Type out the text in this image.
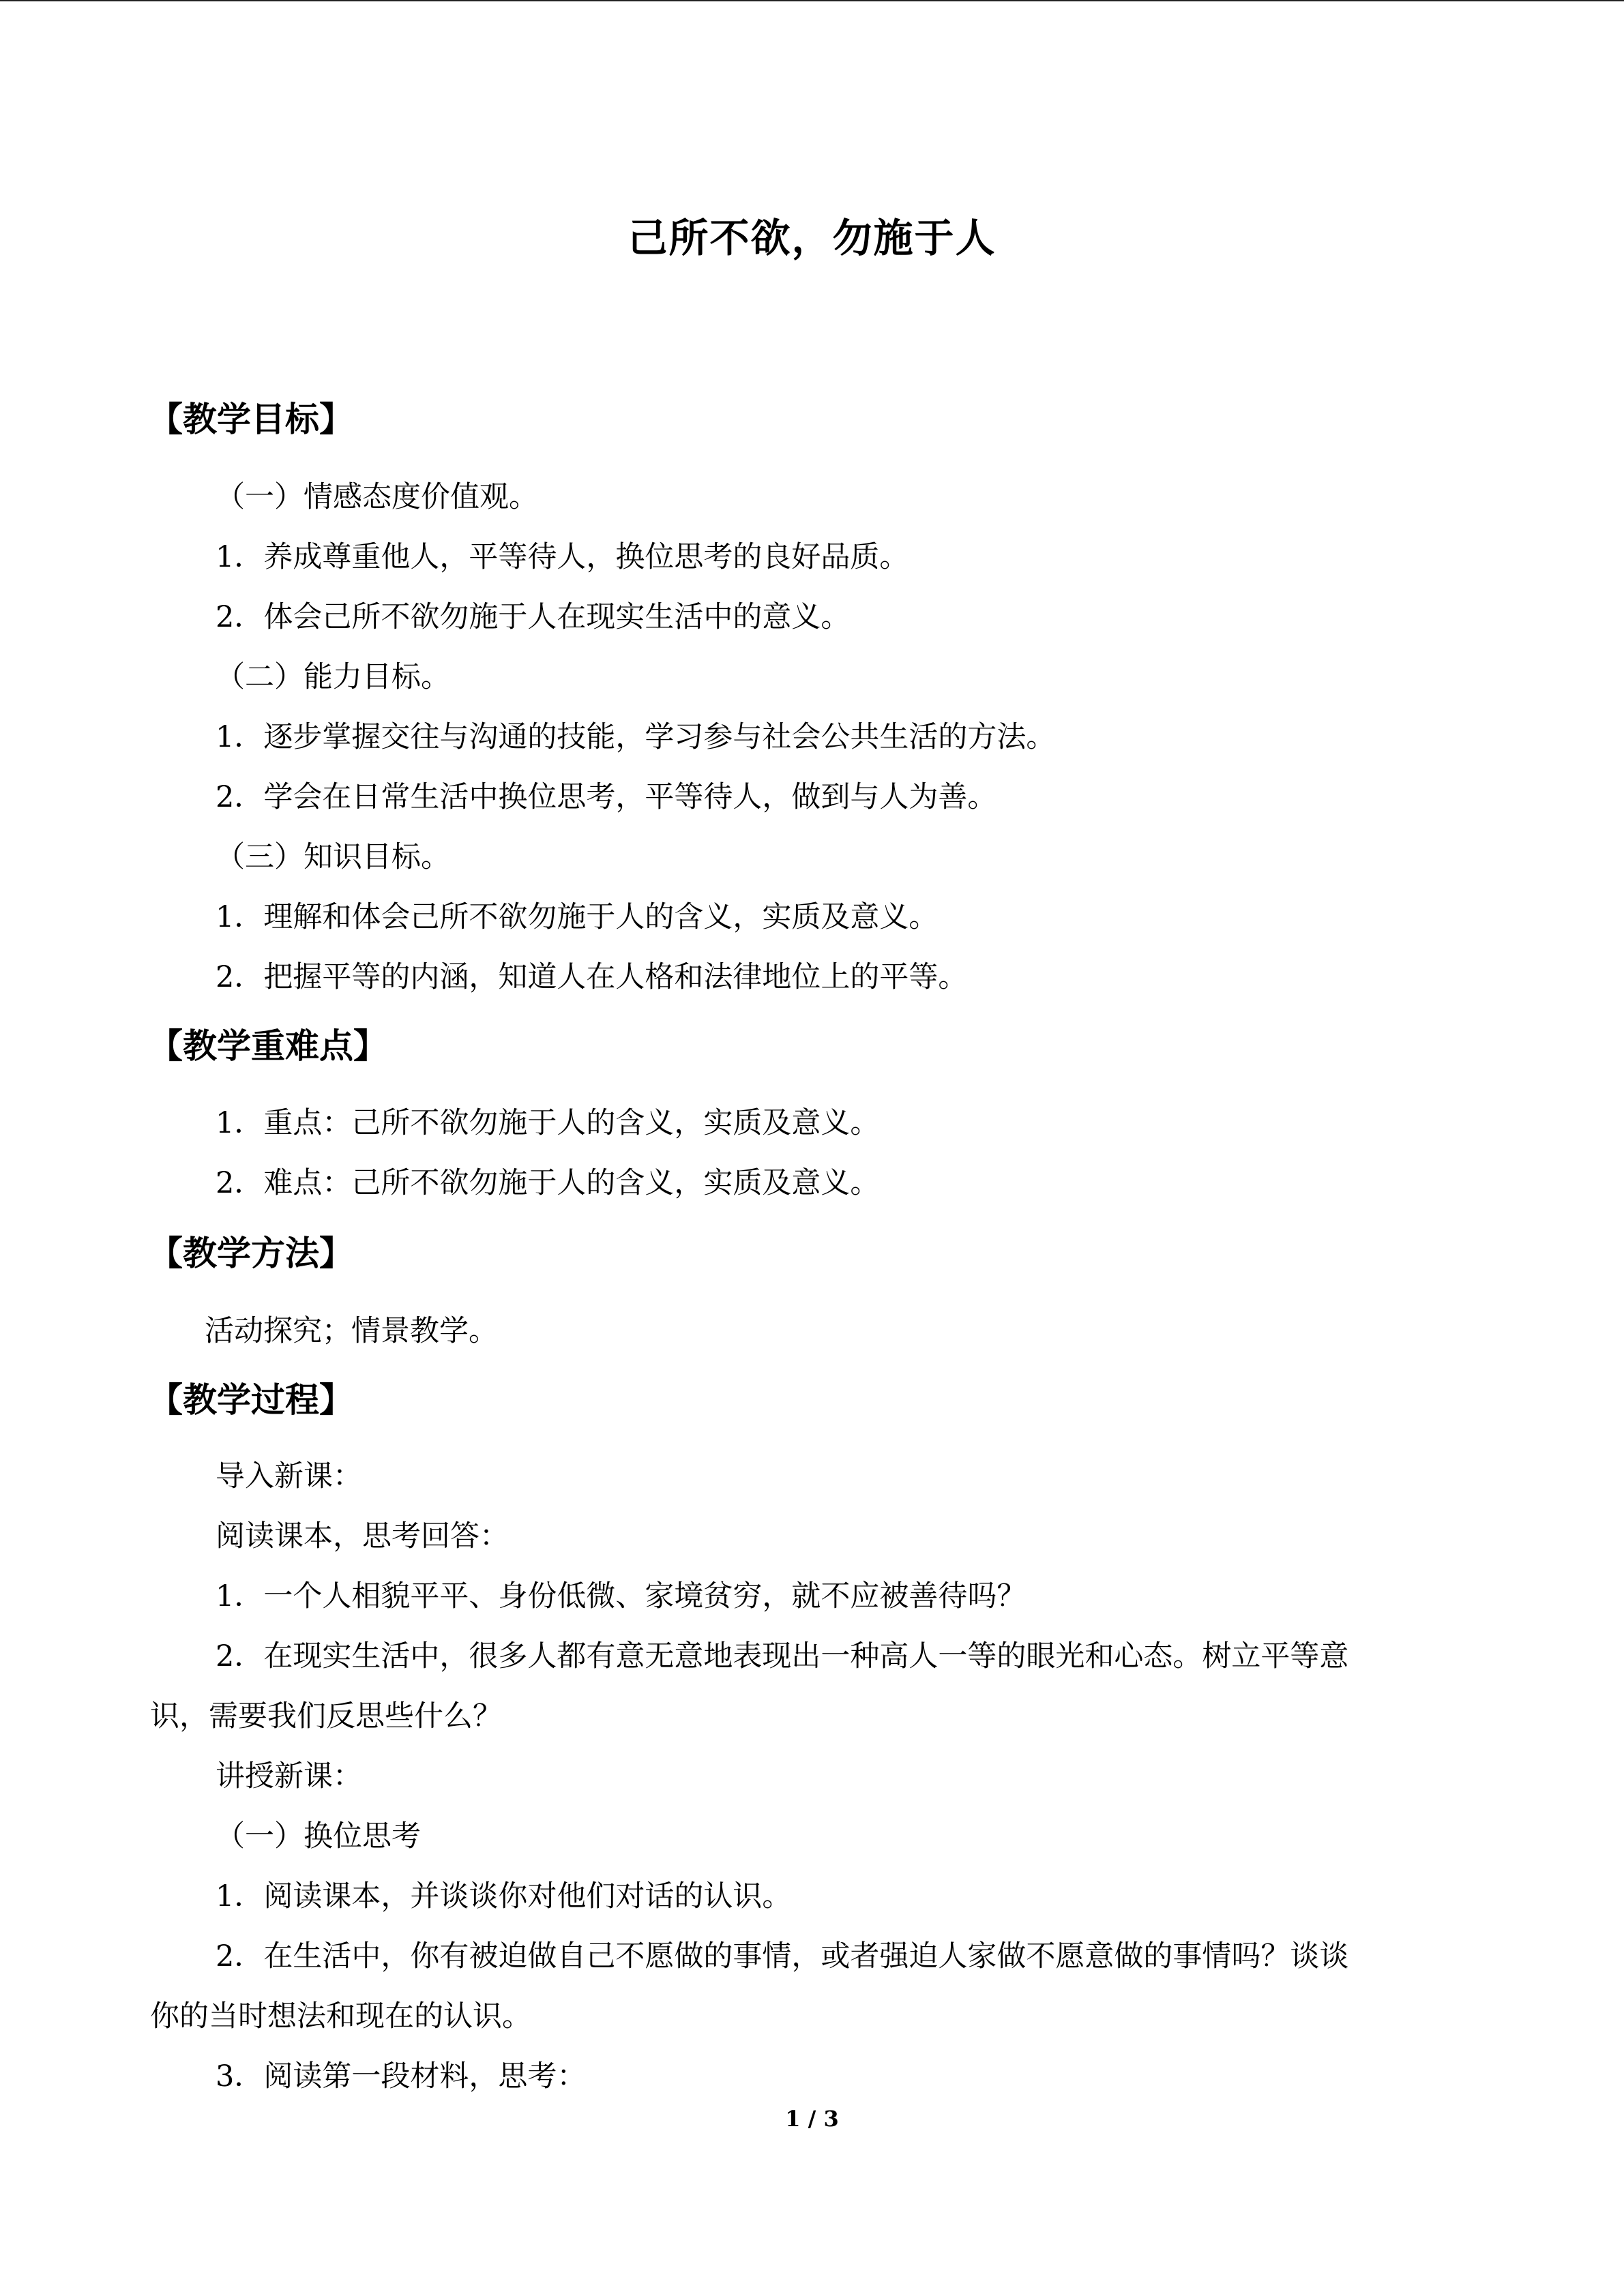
己所不欲，勿施于人
【教学目标】
（一）情感态度价值观。
1．养成尊重他人，平等待人，换位思考的良好品质。
2．体会己所不欲勿施于人在现实生活中的意义。
（二）能力目标。
1．逐步掌握交往与沟通的技能，学习参与社会公共生活的方法。
2．学会在日常生活中换位思考，平等待人，做到与人为善。
（三）知识目标。
1．理解和体会己所不欲勿施于人的含义，实质及意义。
2．把握平等的内涵，知道人在人格和法律地位上的平等。
【教学重难点】
1．重点：己所不欲勿施于人的含义，实质及意义。
2．难点：己所不欲勿施于人的含义，实质及意义。
【教学方法】
活动探究；情景教学。
【教学过程】
导入新课：
阅读课本，思考回答：
1．一个人相貌平平、身份低微、家境贫穷，就不应被善待吗？
2．在现实生活中，很多人都有意无意地表现出一种高人一等的眼光和心态。树立平等意
识，需要我们反思些什么？
讲授新课：
（一）换位思考
1．阅读课本，并谈谈你对他们对话的认识。
2．在生活中，你有被迫做自己不愿做的事情，或者强迫人家做不愿意做的事情吗？谈谈
你的当时想法和现在的认识。
3．阅读第一段材料，思考：
1 / 3
